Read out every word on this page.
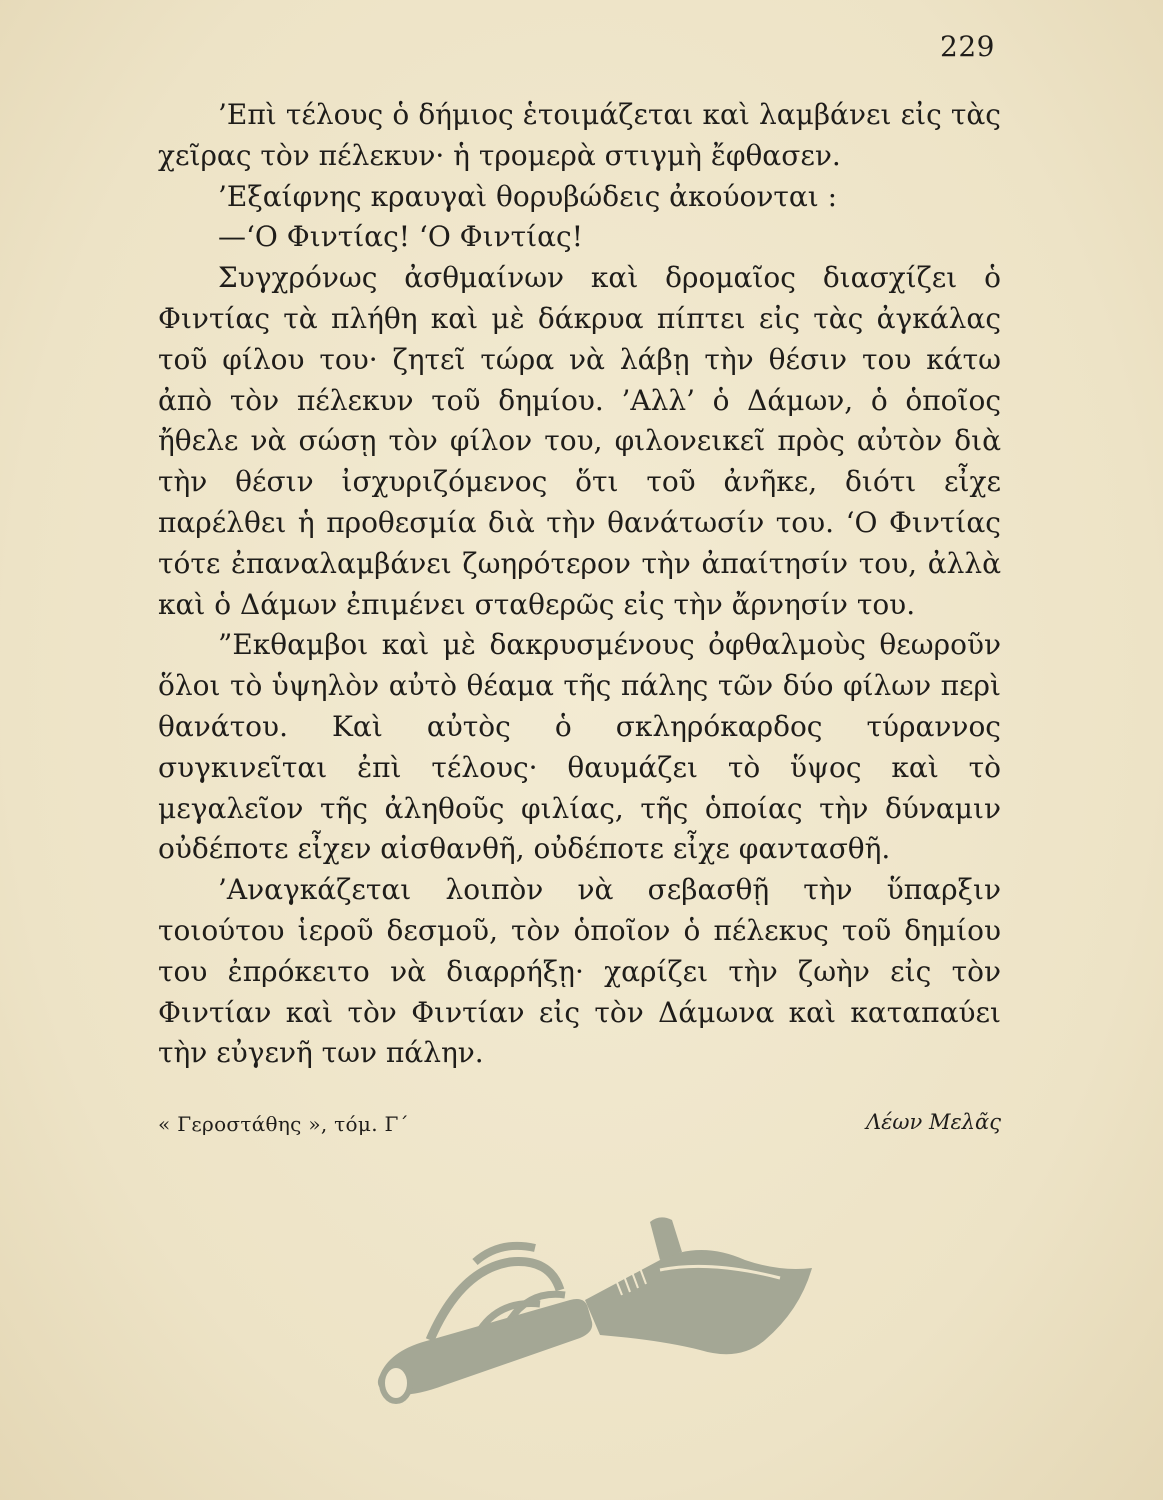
229

’Επὶ τέλους ὁ δήμιος ἑτοιμάζεται καὶ λαμβάνει εἰς τὰς χεῖρας τὸν πέλεκυν· ἡ τρομερὰ στιγμὴ ἔφθασεν.

’Εξαίφνης κραυγαὶ θορυβώδεις ἀκούονται :

—‘Ο Φιντίας! ‘Ο Φιντίας!

Συγχρόνως ἀσθμαίνων καὶ δρομαῖος διασχίζει ὁ Φιντίας τὰ πλήθη καὶ μὲ δάκρυα πίπτει εἰς τὰς ἀγκάλας τοῦ φίλου του· ζητεῖ τώρα νὰ λάβῃ τὴν θέσιν του κάτω ἀπὸ τὸν πέλεκυν τοῦ δημίου. ’Αλλ’ ὁ Δάμων, ὁ ὁποῖος ἤθελε νὰ σώσῃ τὸν φίλον του, φιλονεικεῖ πρὸς αὐτὸν διὰ τὴν θέσιν ἰσχυριζόμενος ὅτι τοῦ ἀνῆκε, διότι εἶχε παρέλθει ἡ προθεσμία διὰ τὴν θανάτωσίν του. ‘Ο Φιντίας τότε ἐπαναλαμβάνει ζωηρότερον τὴν ἀπαίτησίν του, ἀλλὰ καὶ ὁ Δάμων ἐπιμένει σταθερῶς εἰς τὴν ἄρνησίν του.

”Εκθαμβοι καὶ μὲ δακρυσμένους ὀφθαλμοὺς θεωροῦν ὅλοι τὸ ὑψηλὸν αὐτὸ θέαμα τῆς πάλης τῶν δύο φίλων περὶ θανάτου. Καὶ αὐτὸς ὁ σκληρόκαρδος τύραννος συγκινεῖται ἐπὶ τέλους· θαυμάζει τὸ ὕψος καὶ τὸ μεγαλεῖον τῆς ἀληθοῦς φιλίας, τῆς ὁποίας τὴν δύναμιν οὐδέποτε εἶχεν αἰσθανθῆ, οὐδέποτε εἶχε φαντασθῆ.

’Αναγκάζεται λοιπὸν νὰ σεβασθῇ τὴν ὕπαρξιν τοιούτου ἱεροῦ δεσμοῦ, τὸν ὁποῖον ὁ πέλεκυς τοῦ δημίου του ἐπρόκειτο νὰ διαρρήξῃ· χαρίζει τὴν ζωὴν εἰς τὸν Φιντίαν καὶ τὸν Φιντίαν εἰς τὸν Δάμωνα καὶ καταπαύει τὴν εὐγενῆ των πάλην.

« Γεροστάθης », τόμ. Γ΄	Λέων Μελᾶς
